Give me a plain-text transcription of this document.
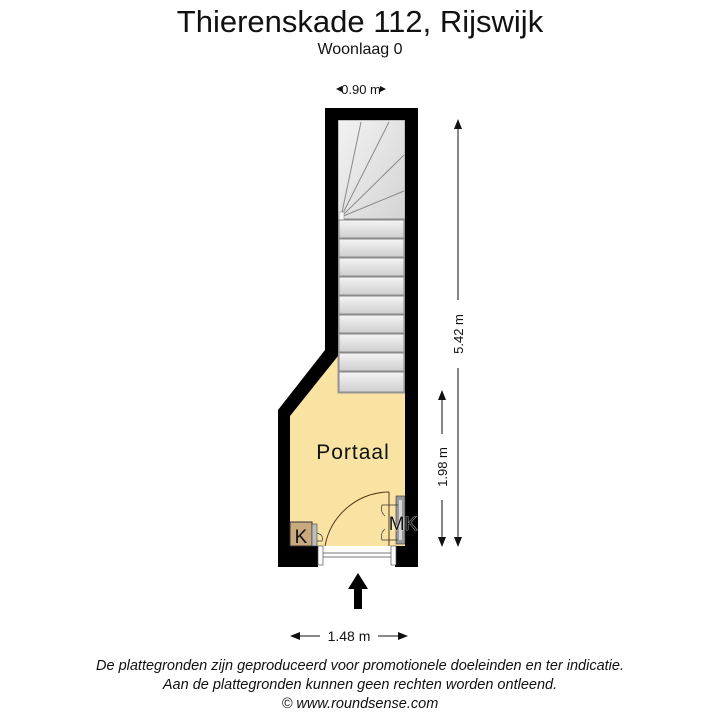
Thierenskade 112, Rijswijk
Woonlaag 0
K
MK
Portaal
0.90 m
5.42 m
1.98 m
1.48 m
De plattegronden zijn geproduceerd voor promotionele doeleinden en ter indicatie.
Aan de plattegronden kunnen geen rechten worden ontleend.
© www.roundsense.com
